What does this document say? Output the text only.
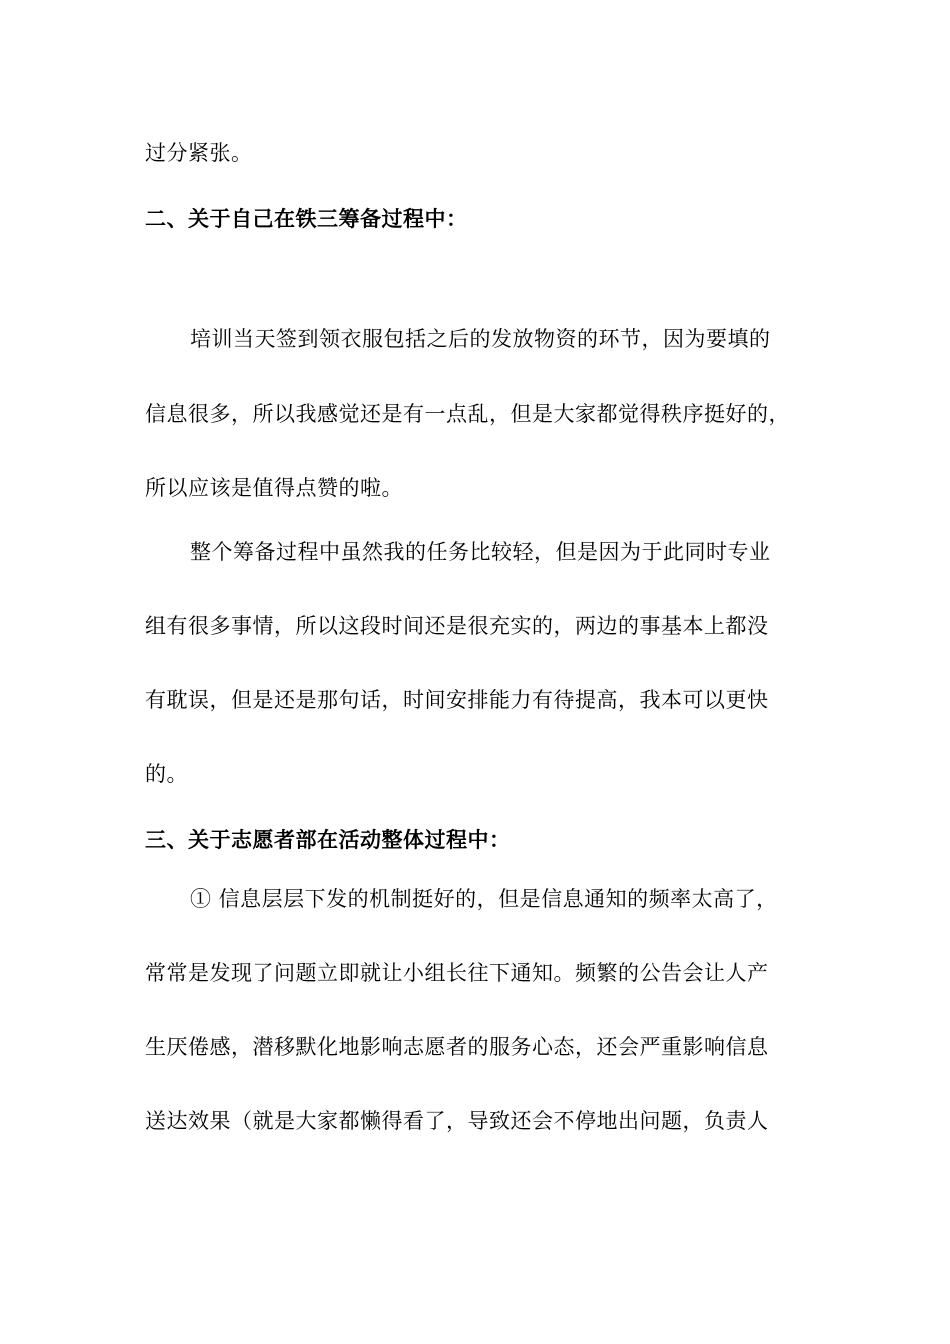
过分紧张。
二、关于自己在铁三筹备过程中：
培训当天签到领衣服包括之后的发放物资的环节，因为要填的
信息很多，所以我感觉还是有一点乱，但是大家都觉得秩序挺好的，
所以应该是值得点赞的啦。
整个筹备过程中虽然我的任务比较轻，但是因为于此同时专业
组有很多事情，所以这段时间还是很充实的，两边的事基本上都没
有耽误，但是还是那句话，时间安排能力有待提高，我本可以更快
的。
三、关于志愿者部在活动整体过程中：
① 信息层层下发的机制挺好的，但是信息通知的频率太高了，
常常是发现了问题立即就让小组长往下通知。频繁的公告会让人产
生厌倦感，潜移默化地影响志愿者的服务心态，还会严重影响信息
送达效果（就是大家都懒得看了，导致还会不停地出问题，负责人
